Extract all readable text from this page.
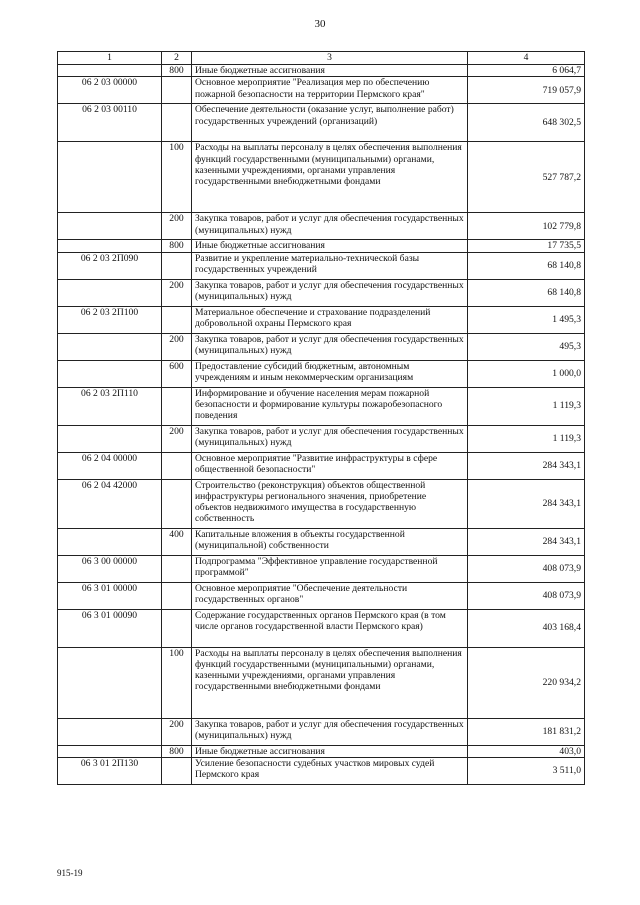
30
1	2	3	4
	800	Иные бюджетные ассигнования	6 064,7
06 2 03 00000		Основное мероприятие "Реализация мер по обеспечению пожарной безопасности на территории Пермского края"	719 057,9
06 2 03 00110		Обеспечение деятельности (оказание услуг, выполнение работ) государственных учреждений (организаций)	648 302,5
	100	Расходы на выплаты персоналу в целях обеспечения выполнения функций государственными (муниципальными) органами, казенными учреждениями, органами управления государственными внебюджетными фондами	527 787,2
	200	Закупка товаров, работ и услуг для обеспечения государственных (муниципальных) нужд	102 779,8
	800	Иные бюджетные ассигнования	17 735,5
06 2 03 2П090		Развитие и укрепление материально-технической базы государственных учреждений	68 140,8
	200	Закупка товаров, работ и услуг для обеспечения государственных (муниципальных) нужд	68 140,8
06 2 03 2П100		Материальное обеспечение и страхование подразделений добровольной охраны Пермского края	1 495,3
	200	Закупка товаров, работ и услуг для обеспечения государственных (муниципальных) нужд	495,3
	600	Предоставление субсидий бюджетным, автономным учреждениям и иным некоммерческим организациям	1 000,0
06 2 03 2П110		Информирование и обучение населения мерам пожарной безопасности и формирование культуры пожаробезопасного поведения	1 119,3
	200	Закупка товаров, работ и услуг для обеспечения государственных (муниципальных) нужд	1 119,3
06 2 04 00000		Основное мероприятие "Развитие инфраструктуры в сфере общественной безопасности"	284 343,1
06 2 04 42000		Строительство (реконструкция) объектов общественной инфраструктуры регионального значения, приобретение объектов недвижимого имущества в государственную собственность	284 343,1
	400	Капитальные вложения в объекты государственной (муниципальной) собственности	284 343,1
06 3 00 00000		Подпрограмма "Эффективное управление государственной программой"	408 073,9
06 3 01 00000		Основное мероприятие "Обеспечение деятельности государственных органов"	408 073,9
06 3 01 00090		Содержание государственных органов Пермского края (в том числе органов государственной власти Пермского края)	403 168,4
	100	Расходы на выплаты персоналу в целях обеспечения выполнения функций государственными (муниципальными) органами, казенными учреждениями, органами управления государственными внебюджетными фондами	220 934,2
	200	Закупка товаров, работ и услуг для обеспечения государственных (муниципальных) нужд	181 831,2
	800	Иные бюджетные ассигнования	403,0
06 3 01 2П130		Усиление безопасности судебных участков мировых судей Пермского края	3 511,0
915-19
